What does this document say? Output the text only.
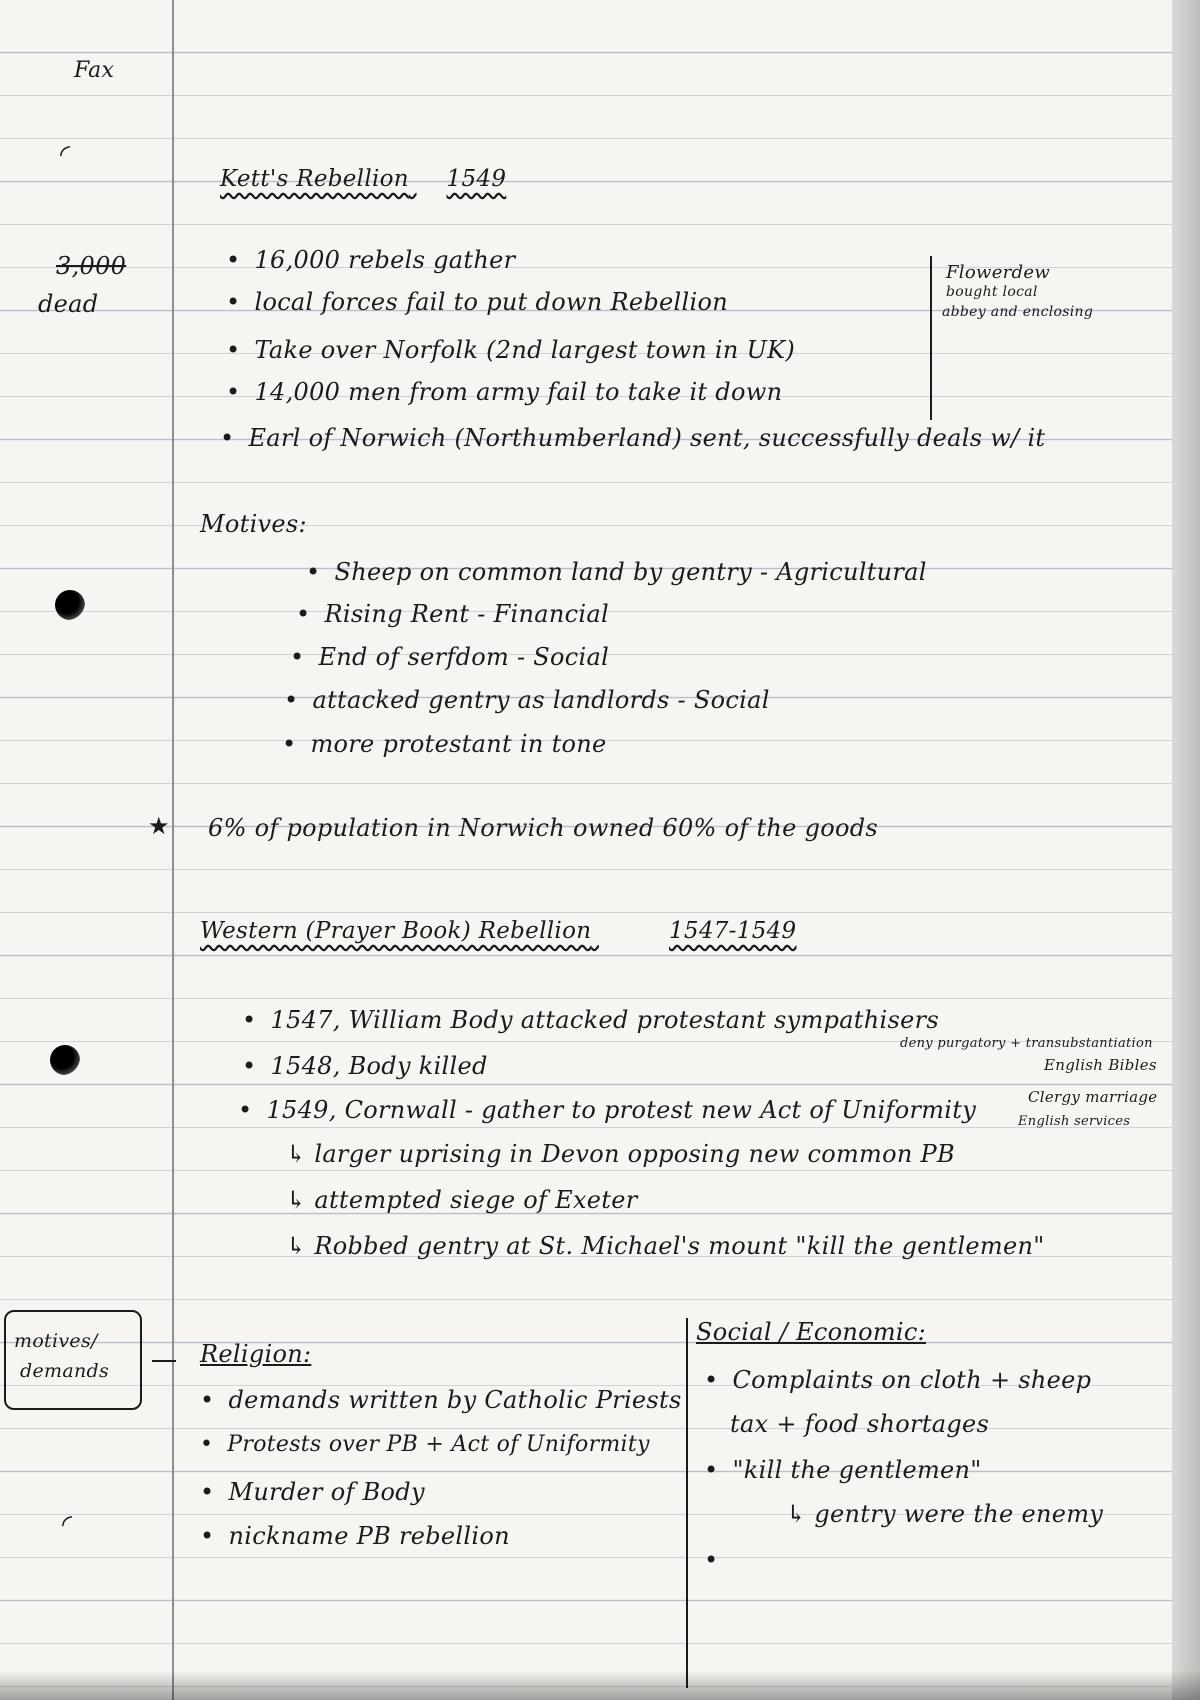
◜
◜
Fax
3,000
dead
motives/
demands
Kett's Rebellion 1549
• 16,000 rebels gather
• local forces fail to put down Rebellion
• Take over Norfolk (2nd largest town in UK)
• 14,000 men from army fail to take it down
• Earl of Norwich (Northumberland) sent, successfully deals w/ it
Flowerdew
bought local
abbey and enclosing
Motives:
• Sheep on common land by gentry - Agricultural
• Rising Rent - Financial
• End of serfdom - Social
• attacked gentry as landlords - Social
• more protestant in tone
★ 6% of population in Norwich owned 60% of the goods
Western (Prayer Book) Rebellion	1547-1549
• 1547, William Body attacked protestant sympathisers
• 1548, Body killed
• 1549, Cornwall - gather to protest new Act of Uniformity
↳ larger uprising in Devon opposing new common PB
↳ attempted siege of Exeter
↳ Robbed gentry at St. Michael's mount "kill the gentlemen"
deny purgatory + transubstantiation
English Bibles
Clergy marriage
English services
Religion:
• demands written by Catholic Priests
• Protests over PB + Act of Uniformity
• Murder of Body
• nickname PB rebellion
Social / Economic:
• Complaints on cloth + sheep
tax + food shortages
• "kill the gentlemen"
↳ gentry were the enemy
•
